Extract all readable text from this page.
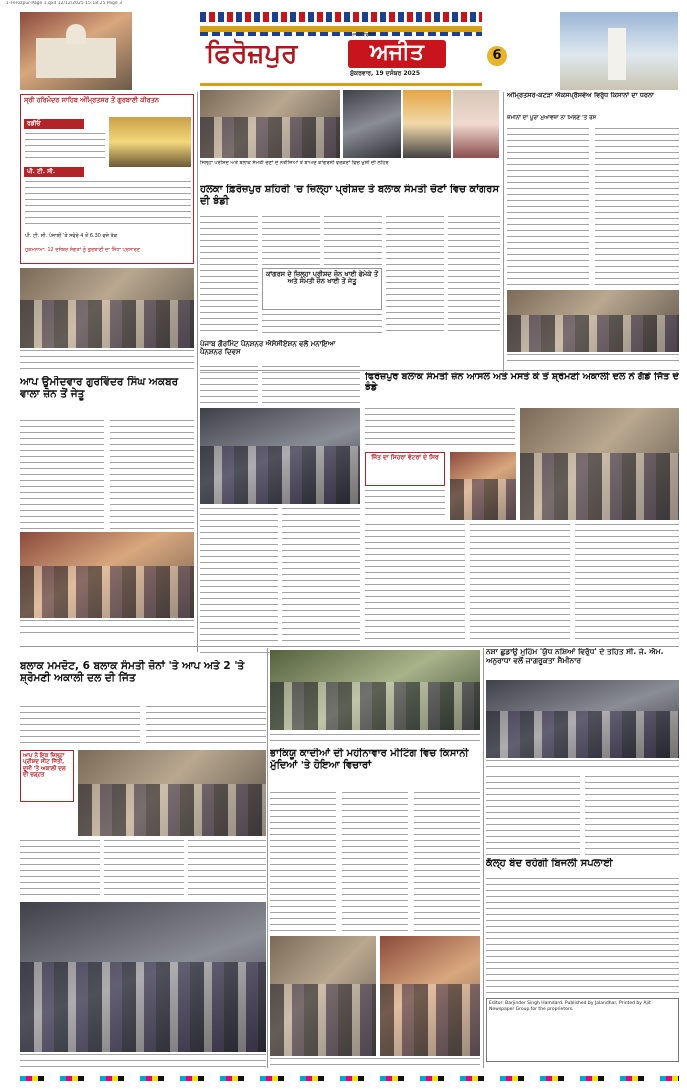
1-Ferozpur-Page 1.qxd 12/12/2025 15:18:25 Page 3
ਫਿਰੋਜ਼ਪੁਰ	ਅਜੀਤ
ਅਜੀਤ ਵਿਸ਼ੇਸ਼
ਸ਼ੁੱਕਰਵਾਰ, 19 ਦਸੰਬਰ 2025
6
ਸ੍ਰੀ ਹਰਿਮੰਦਰ ਸਾਹਿਬ ਅੰਮ੍ਰਿਤਸਰ ਤੋਂ ਗੁਰਬਾਣੀ ਕੀਰਤਨ
ਰਡੀਓ
ਪੀ. ਟੀ. ਸੀ.
ਪੀ. ਟੀ. ਸੀ. ਪੰਜਾਬੀ 'ਤੇ ਸਵੇਰੇ 4 ਤੋਂ 6.30 ਵਜੇ ਤੱਕ
ਹੁਕਮਨਾਮਾ: 12 ਦਸੰਬਰ ਸੰਗਤਾਂ ਨੂੰ ਗੁਰਬਾਣੀ ਦਾ ਸਿੱਧਾ ਪ੍ਰਸਾਰਣ
ਜਿਲ੍ਹਾ ਪਰੀਸ਼ਦ ਅਤੇ ਬਲਾਕ ਸੰਮਤੀ ਚੋਣਾਂ ਦੇ ਨਤੀਜਿਆਂ ਤੋਂ ਬਾਅਦ ਕਾਂਗਰਸੀ ਵਰਕਰਾਂ ਵਿਚ ਖੁਸ਼ੀ ਦੀ ਲਹਿਰ
ਹਲਕਾ ਫ਼ਿਰੋਜ਼ਪੁਰ ਸ਼ਹਿਰੀ 'ਚ ਜ਼ਿਲ੍ਹਾ ਪ੍ਰੀਸ਼ਦ ਤੇ ਬਲਾਕ ਸੰਮਤੀ ਚੋਣਾਂ ਵਿਚ ਕਾਂਗਰਸ ਦੀ ਝੰਡੀ
ਕਾਂਗਰਸ ਦੇ ਜ਼ਿਲ੍ਹਾ ਪ੍ਰੀਸ਼ਦ ਜ਼ੋਨ ਖਾਈ ਫੇਮੇਕੇ ਤੋਂ ਅਤੇ ਸੰਮਤੀ ਜ਼ੋਨ ਖਾਈ ਤੋਂ ਜੇਤੂ
ਅੰਮ੍ਰਿਤਸਰ-ਕਟੜਾ ਐਕਸਪ੍ਰੈਸਵੇਅ ਵਿਰੁੱਧ ਕਿਸਾਨਾਂ ਦਾ ਧਰਨਾ
ਜ਼ਮੀਨਾਂ ਦਾ ਪੂਰਾ ਮੁਆਵਜ਼ਾ ਨਾ ਮਿਲਣ 'ਤੇ ਰੋਸ
ਆਪ ਉਮੀਦਵਾਰ ਗੁਰਵਿੰਦਰ ਸਿੰਘ ਅਕਬਰ ਵਾਲਾ ਜ਼ੋਨ ਤੋਂ ਜੇਤੂ
ਪੰਜਾਬ ਗੌਰਮਿੰਟ ਪੈਨਸ਼ਨਰ ਐਸੋਸੀਏਸ਼ਨ ਵਲੋਂ ਮਨਾਇਆ ਪੈਨਸ਼ਨਰ ਦਿਵਸ
ਫਿਰੋਜ਼ਪੁਰ ਬਲਾਕ ਸੰਮਤੀ ਜ਼ੋਨ ਆਸਲ ਅਤੇ ਮਸਤੇ ਕੇ ਤੋਂ ਸ਼੍ਰੋਮਣੀ ਅਕਾਲੀ ਦਲ ਨੇ ਗੱਡੇ ਜਿੱਤ ਦੇ ਝੰਡੇ
ਜਿੱਤ ਦਾ ਸਿਹਰਾ ਵੋਟਰਾਂ ਦੇ ਸਿਰ
ਬਲਾਕ ਮਮਦੋਟ, 6 ਬਲਾਕ ਸੰਮਤੀ ਜ਼ੋਨਾਂ 'ਤੇ ਆਪ ਅਤੇ 2 'ਤੇ ਸ਼੍ਰੋਮਣੀ ਅਕਾਲੀ ਦਲ ਦੀ ਜਿੱਤ
ਆਪ ਨੇ ਇਕ ਜ਼ਿਲ੍ਹਾ ਪ੍ਰੀਸ਼ਦ ਸੀਟ ਜਿੱਤੀ, ਦੂਜੀ 'ਤੇ ਅਕਾਲੀ ਦਲ ਦੀ ਚੜ੍ਹਤ
ਭਾਕਿਯੂ ਕਾਦੀਆਂ ਦੀ ਮਹੀਨਾਵਾਰ ਮੀਟਿੰਗ ਵਿਚ ਕਿਸਾਨੀ ਮੁੱਦਿਆਂ 'ਤੇ ਹੋਇਆ ਵਿਚਾਰਾਂ
ਨਸ਼ਾ ਛੁਡਾਉ ਮੁਹਿੰਮ 'ਯੁੱਧ ਨਸ਼ਿਆਂ ਵਿਰੁੱਧ' ਦੇ ਤਹਿਤ ਸੀ. ਜੇ. ਐਮ. ਅਨੁਰਾਧਾ ਵਲੋਂ ਜਾਗਰੂਕਤਾ ਸੈਮੀਨਾਰ
ਕੱਲ੍ਹ ਬੰਦ ਰਹੇਗੀ ਬਿਜਲੀ ਸਪਲਾਈ
Editor: Barjinder Singh Hamdard. Published by Jalandhar, Printed by Ajit Newspaper Group for the proprietors.
